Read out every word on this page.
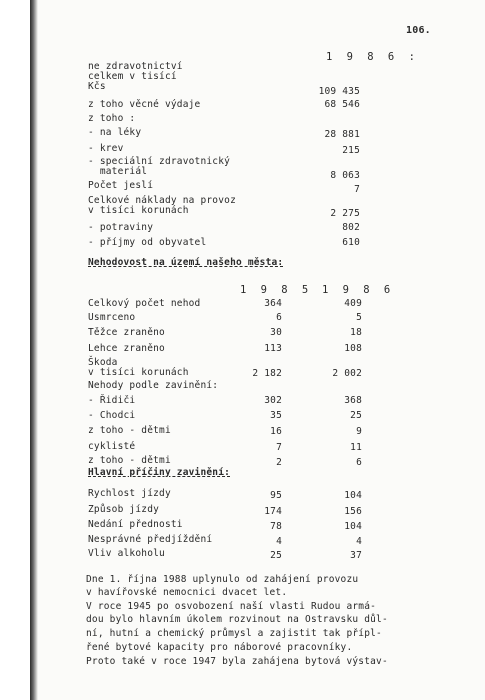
106.
1 9 8 6 :
ne zdravotnictví
celkem v tisící
Kčs	109 435
z toho věcné výdaje	68 546
z toho :
- na léky	28 881
- krev	215
- speciální zdravotnický
materiál	8 063
Počet jeslí	7
Celkové náklady na provoz
v tisíci korunách	2 275
- potraviny	802
- příjmy od obyvatel	610
Nehodovost na území našeho města:
1 9 8 5 1 9 8 6
Celkový počet nehod	364	409
Usmrceno	6	5
Těžce zraněno	30	18
Lehce zraněno	113	108
Škoda
v tisíci korunách	2 182	2 002
Nehody podle zavinění:
- Řidiči	302	368
- Chodci	35	25
z toho - dětmi	16	9
cyklisté	7	11
z toho - dětmi	2	6
Hlavní příčiny zavinění:
Rychlost jízdy	95	104
Způsob jízdy	174	156
Nedání přednosti	78	104
Nesprávné předjíždění	4	4
Vliv alkoholu	25	37
Dne 1. října 1988 uplynulo od zahájení provozu
v havířovské nemocnici dvacet let.
V roce 1945 po osvobození naší vlasti Rudou armá-
dou bylo hlavním úkolem rozvinout na Ostravsku důl-
ní, hutní a chemický průmysl a zajistit tak přípl-
řené bytové kapacity pro náborové pracovníky.
Proto také v roce 1947 byla zahájena bytová výstav-
